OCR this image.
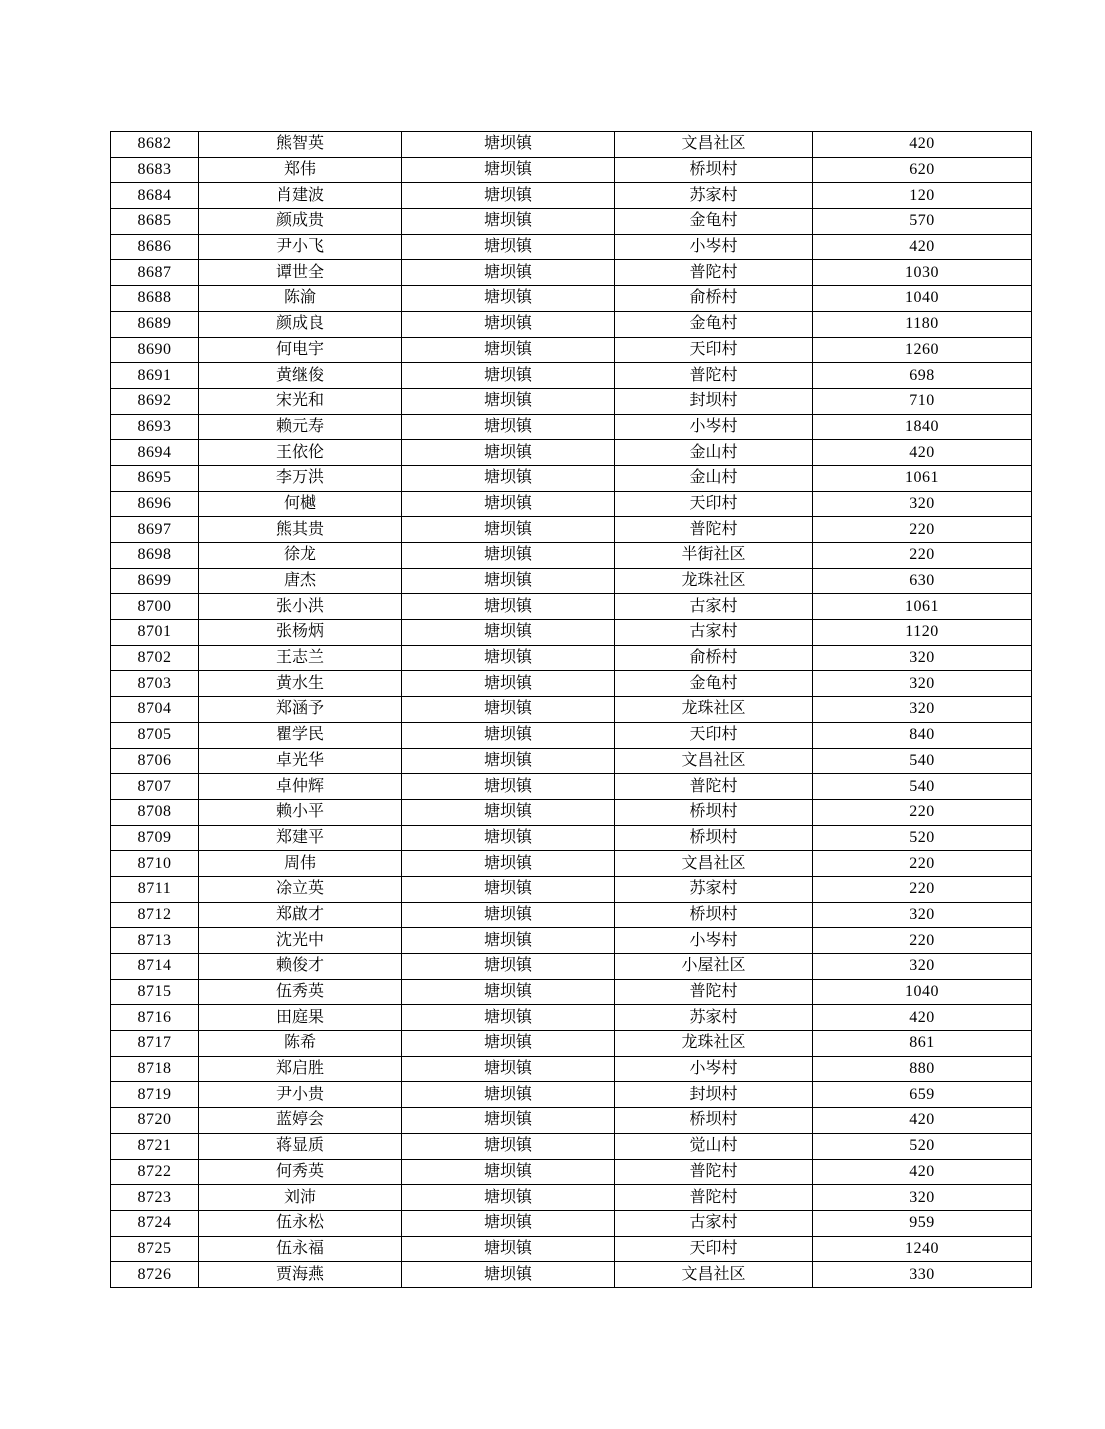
8682	熊智英	塘坝镇	文昌社区	420
8683	郑伟	塘坝镇	桥坝村	620
8684	肖建波	塘坝镇	苏家村	120
8685	颜成贵	塘坝镇	金龟村	570
8686	尹小飞	塘坝镇	小岑村	420
8687	谭世全	塘坝镇	普陀村	1030
8688	陈渝	塘坝镇	俞桥村	1040
8689	颜成良	塘坝镇	金龟村	1180
8690	何电宇	塘坝镇	天印村	1260
8691	黄继俊	塘坝镇	普陀村	698
8692	宋光和	塘坝镇	封坝村	710
8693	赖元寿	塘坝镇	小岑村	1840
8694	王依伦	塘坝镇	金山村	420
8695	李万洪	塘坝镇	金山村	1061
8696	何樾	塘坝镇	天印村	320
8697	熊其贵	塘坝镇	普陀村	220
8698	徐龙	塘坝镇	半街社区	220
8699	唐杰	塘坝镇	龙珠社区	630
8700	张小洪	塘坝镇	古家村	1061
8701	张杨炳	塘坝镇	古家村	1120
8702	王志兰	塘坝镇	俞桥村	320
8703	黄水生	塘坝镇	金龟村	320
8704	郑涵予	塘坝镇	龙珠社区	320
8705	瞿学民	塘坝镇	天印村	840
8706	卓光华	塘坝镇	文昌社区	540
8707	卓仲辉	塘坝镇	普陀村	540
8708	赖小平	塘坝镇	桥坝村	220
8709	郑建平	塘坝镇	桥坝村	520
8710	周伟	塘坝镇	文昌社区	220
8711	凃立英	塘坝镇	苏家村	220
8712	郑啟才	塘坝镇	桥坝村	320
8713	沈光中	塘坝镇	小岑村	220
8714	赖俊才	塘坝镇	小屋社区	320
8715	伍秀英	塘坝镇	普陀村	1040
8716	田庭果	塘坝镇	苏家村	420
8717	陈希	塘坝镇	龙珠社区	861
8718	郑启胜	塘坝镇	小岑村	880
8719	尹小贵	塘坝镇	封坝村	659
8720	蓝婷会	塘坝镇	桥坝村	420
8721	蒋显质	塘坝镇	觉山村	520
8722	何秀英	塘坝镇	普陀村	420
8723	刘沛	塘坝镇	普陀村	320
8724	伍永松	塘坝镇	古家村	959
8725	伍永福	塘坝镇	天印村	1240
8726	贾海燕	塘坝镇	文昌社区	330
